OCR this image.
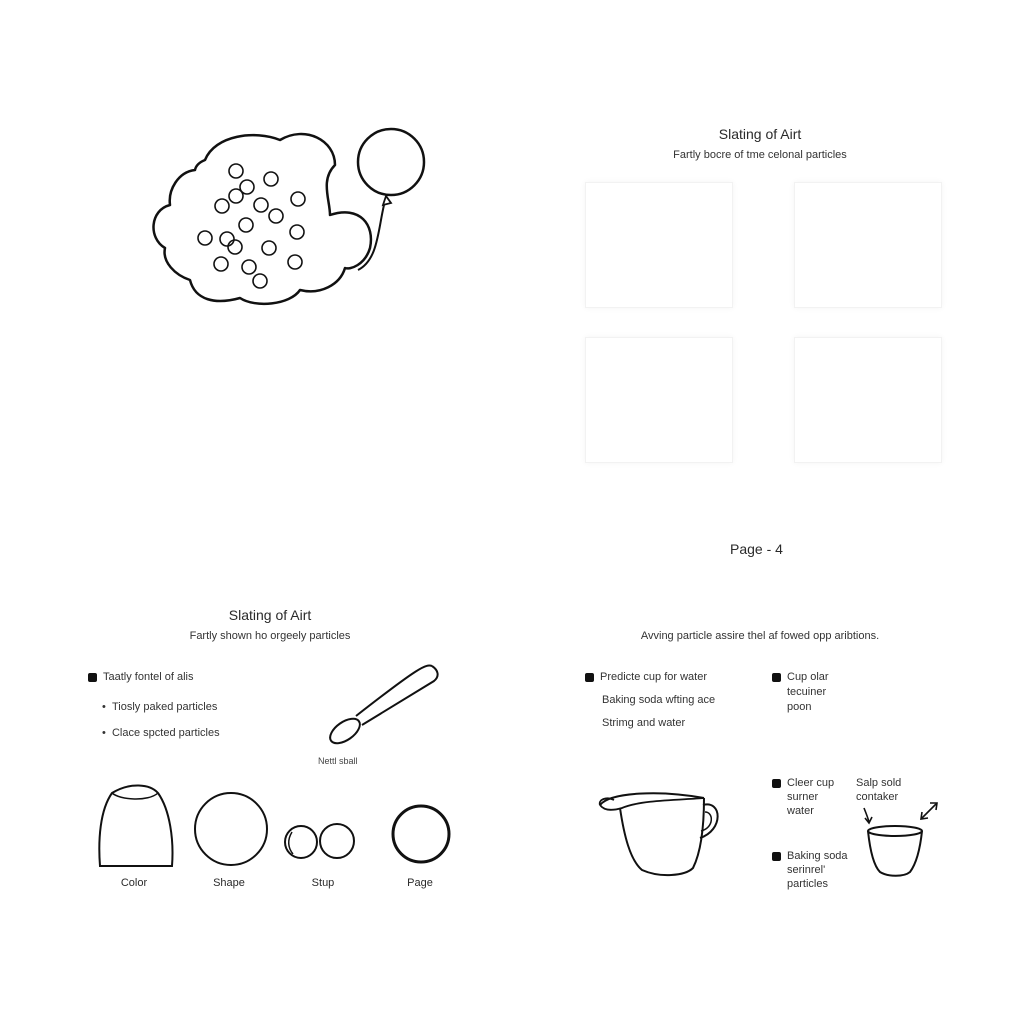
Slating of Airt
Fartly bocre of tme celonal particles
Page - 4
Slating of Airt
Fartly shown ho orgeely particles
Taatly fontel of alis
•  Tiosly paked particles
•  Clace spcted particles
Nettl sball
Color	Shape	Stup	Page
Avving particle assire thel af fowed opp aribtions.
Predicte cup for water
Baking soda wfting ace
Strimg and water
Cup olar
tecuiner
poon
Cleer cup
surner
water
Salp sold
contaker
Baking soda
serinrel'
particles
